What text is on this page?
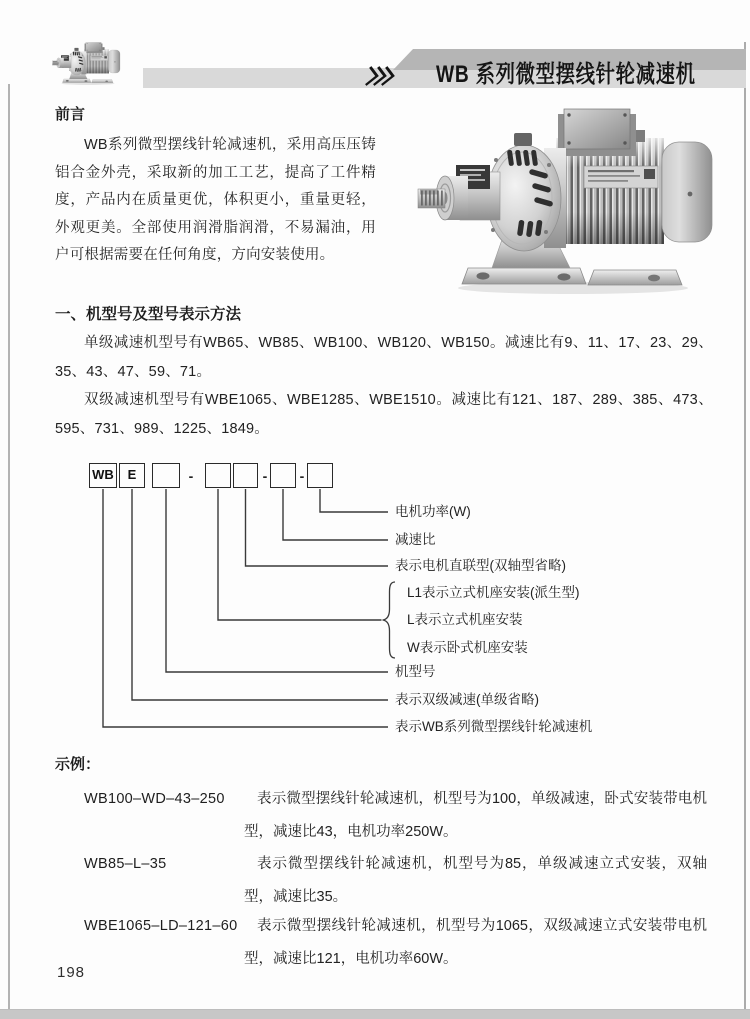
WB 系列微型摆线针轮减速机
前言
WB系列微型摆线针轮减速机，采用高压压铸铝合金外壳，采取新的加工工艺，提高了工件精度，产品内在质量更优，体积更小，重量更轻，外观更美。全部使用润滑脂润滑，不易漏油，用户可根据需要在任何角度，方向安装使用。
一、机型号及型号表示方法
单级减速机型号有WB65、WB85、WB100、WB120、WB150。减速比有9、11、17、23、29、35、43、47、59、71。
双级减速机型号有WBE1065、WBE1285、WBE1510。减速比有121、187、289、385、473、595、731、989、1225、1849。
WB	E	-	-	-
电机功率(W)
减速比
表示电机直联型(双轴型省略)
L1表示立式机座安装(派生型)
L表示立式机座安装
W表示卧式机座安装
机型号
表示双级减速(单级省略)
表示WB系列微型摆线针轮减速机
示例：
WB100–WD–43–250	表示微型摆线针轮减速机，机型号为100，单级减速，卧式安装带电机型，减速比43，电机功率250W。
WB85–L–35	表示微型摆线针轮减速机，机型号为85，单级减速立式安装，双轴型，减速比35。
WBE1065–LD–121–60	表示微型摆线针轮减速机，机型号为1065，双级减速立式安装带电机型，减速比121，电机功率60W。
198
